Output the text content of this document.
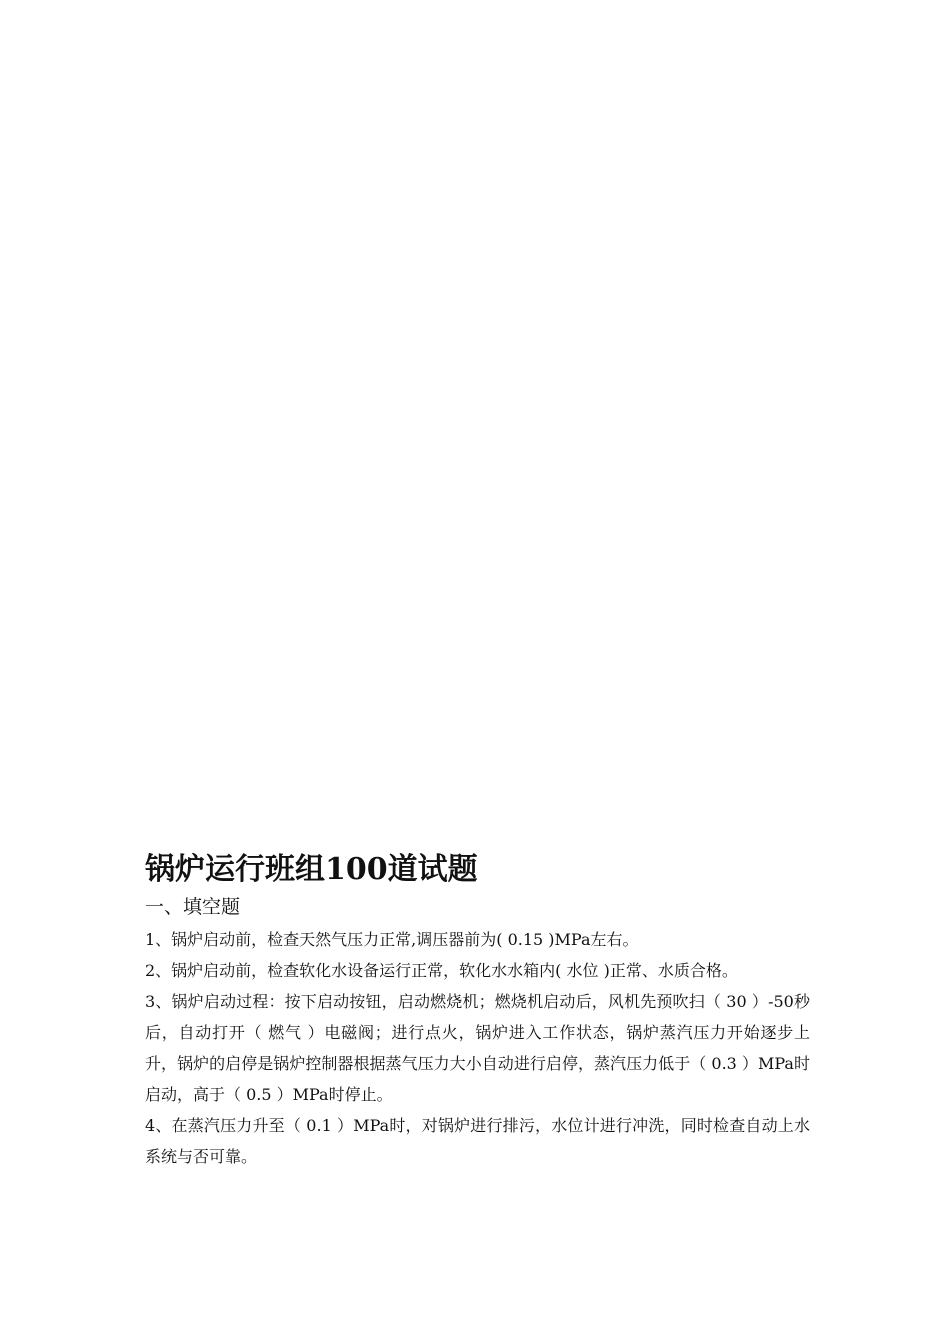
锅炉运行班组100道试题

一、填空题

1、锅炉启动前，检查天然气压力正常,调压器前为( 0.15 )MPa左右。

2、锅炉启动前，检查软化水设备运行正常，软化水水箱内( 水位 )正常、水质合格。

3、锅炉启动过程：按下启动按钮，启动燃烧机；燃烧机启动后，风机先预吹扫（ 30 ）-50秒后，自动打开（ 燃气 ）电磁阀；进行点火，锅炉进入工作状态，锅炉蒸汽压力开始逐步上升，锅炉的启停是锅炉控制器根据蒸气压力大小自动进行启停，蒸汽压力低于（ 0.3 ）MPa时启动，高于（ 0.5 ）MPa时停止。

4、在蒸汽压力升至（ 0.1 ）MPa时，对锅炉进行排污，水位计进行冲洗，同时检查自动上水系统与否可靠。
